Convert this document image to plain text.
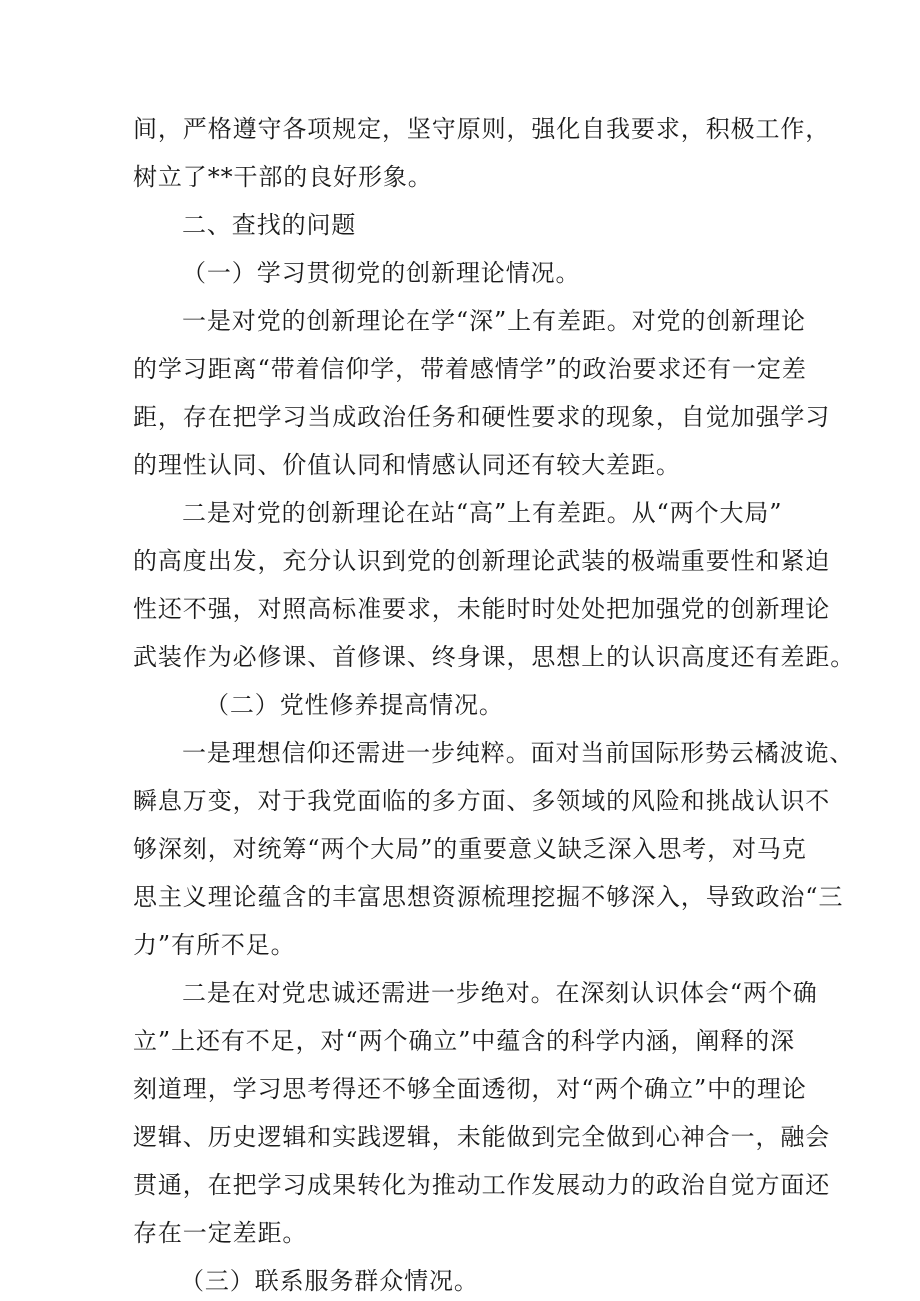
间，严格遵守各项规定，坚守原则，强化自我要求，积极工作，
树立了**干部的良好形象。
二、查找的问题
（一）学习贯彻党的创新理论情况。
一是对党的创新理论在学“深”上有差距。对党的创新理论
的学习距离“带着信仰学，带着感情学”的政治要求还有一定差
距，存在把学习当成政治任务和硬性要求的现象，自觉加强学习
的理性认同、价值认同和情感认同还有较大差距。
二是对党的创新理论在站“高”上有差距。从“两个大局”
的高度出发，充分认识到党的创新理论武装的极端重要性和紧迫
性还不强，对照高标准要求，未能时时处处把加强党的创新理论
武装作为必修课、首修课、终身课，思想上的认识高度还有差距。
（二）党性修养提高情况。
一是理想信仰还需进一步纯粹。面对当前国际形势云橘波诡、
瞬息万变，对于我党面临的多方面、多领域的风险和挑战认识不
够深刻，对统筹“两个大局”的重要意义缺乏深入思考，对马克
思主义理论蕴含的丰富思想资源梳理挖掘不够深入，导致政治“三
力”有所不足。
二是在对党忠诚还需进一步绝对。在深刻认识体会“两个确
立”上还有不足，对“两个确立”中蕴含的科学内涵，阐释的深
刻道理，学习思考得还不够全面透彻，对“两个确立”中的理论
逻辑、历史逻辑和实践逻辑，未能做到完全做到心神合一，融会
贯通，在把学习成果转化为推动工作发展动力的政治自觉方面还
存在一定差距。
（三）联系服务群众情况。
